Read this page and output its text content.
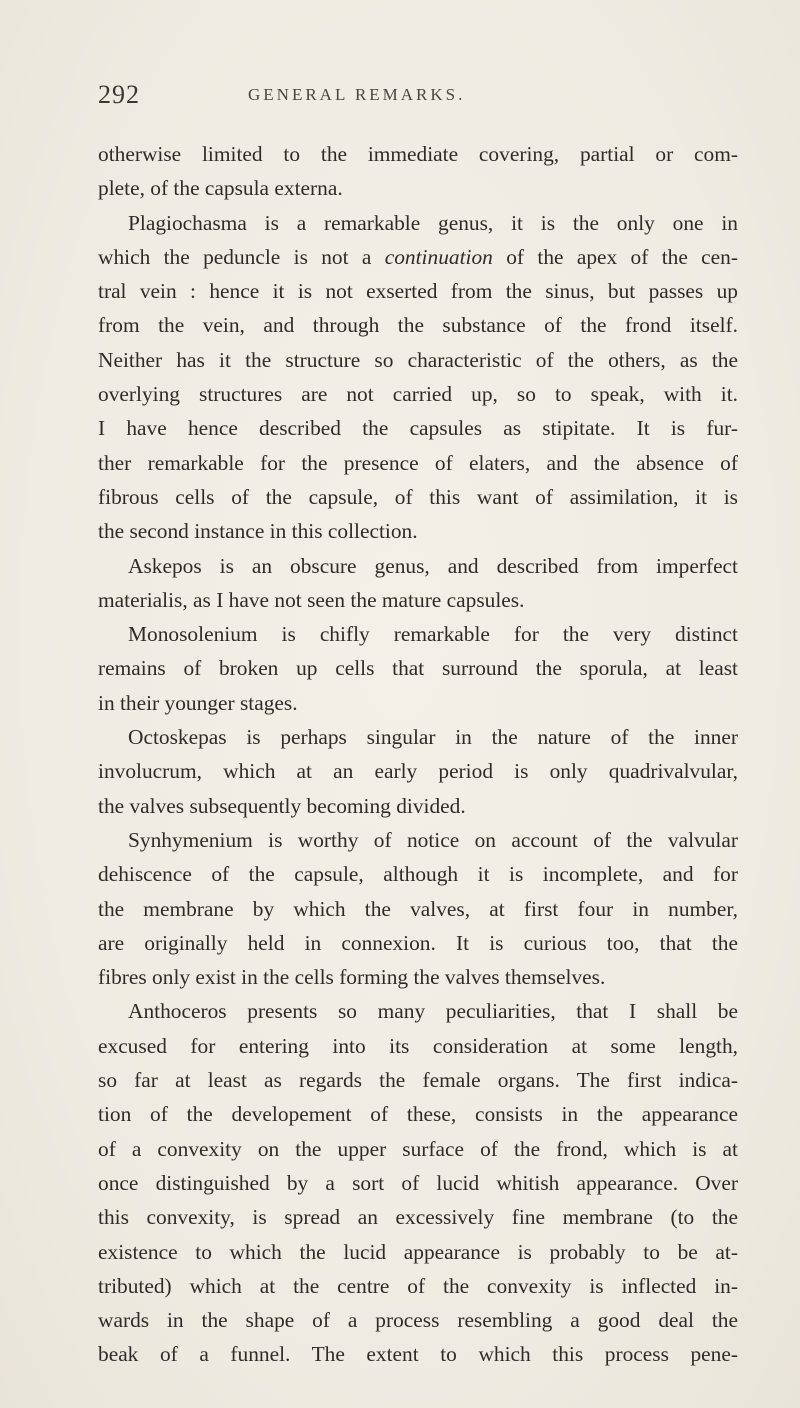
292	GENERAL REMARKS.
otherwise limited to the immediate covering, partial or com-
plete, of the capsula externa.
Plagiochasma is a remarkable genus, it is the only one in
which the peduncle is not a continuation of the apex of the cen-
tral vein : hence it is not exserted from the sinus, but passes up
from the vein, and through the substance of the frond itself.
Neither has it the structure so characteristic of the others, as the
overlying structures are not carried up, so to speak, with it.
I have hence described the capsules as stipitate. It is fur-
ther remarkable for the presence of elaters, and the absence of
fibrous cells of the capsule, of this want of assimilation, it is
the second instance in this collection.
Askepos is an obscure genus, and described from imperfect
materialis, as I have not seen the mature capsules.
Monosolenium is chifly remarkable for the very distinct
remains of broken up cells that surround the sporula, at least
in their younger stages.
Octoskepas is perhaps singular in the nature of the inner
involucrum, which at an early period is only quadrivalvular,
the valves subsequently becoming divided.
Synhymenium is worthy of notice on account of the valvular
dehiscence of the capsule, although it is incomplete, and for
the membrane by which the valves, at first four in number,
are originally held in connexion. It is curious too, that the
fibres only exist in the cells forming the valves themselves.
Anthoceros presents so many peculiarities, that I shall be
excused for entering into its consideration at some length,
so far at least as regards the female organs. The first indica-
tion of the developement of these, consists in the appearance
of a convexity on the upper surface of the frond, which is at
once distinguished by a sort of lucid whitish appearance. Over
this convexity, is spread an excessively fine membrane (to the
existence to which the lucid appearance is probably to be at-
tributed) which at the centre of the convexity is inflected in-
wards in the shape of a process resembling a good deal the
beak of a funnel. The extent to which this process pene-
